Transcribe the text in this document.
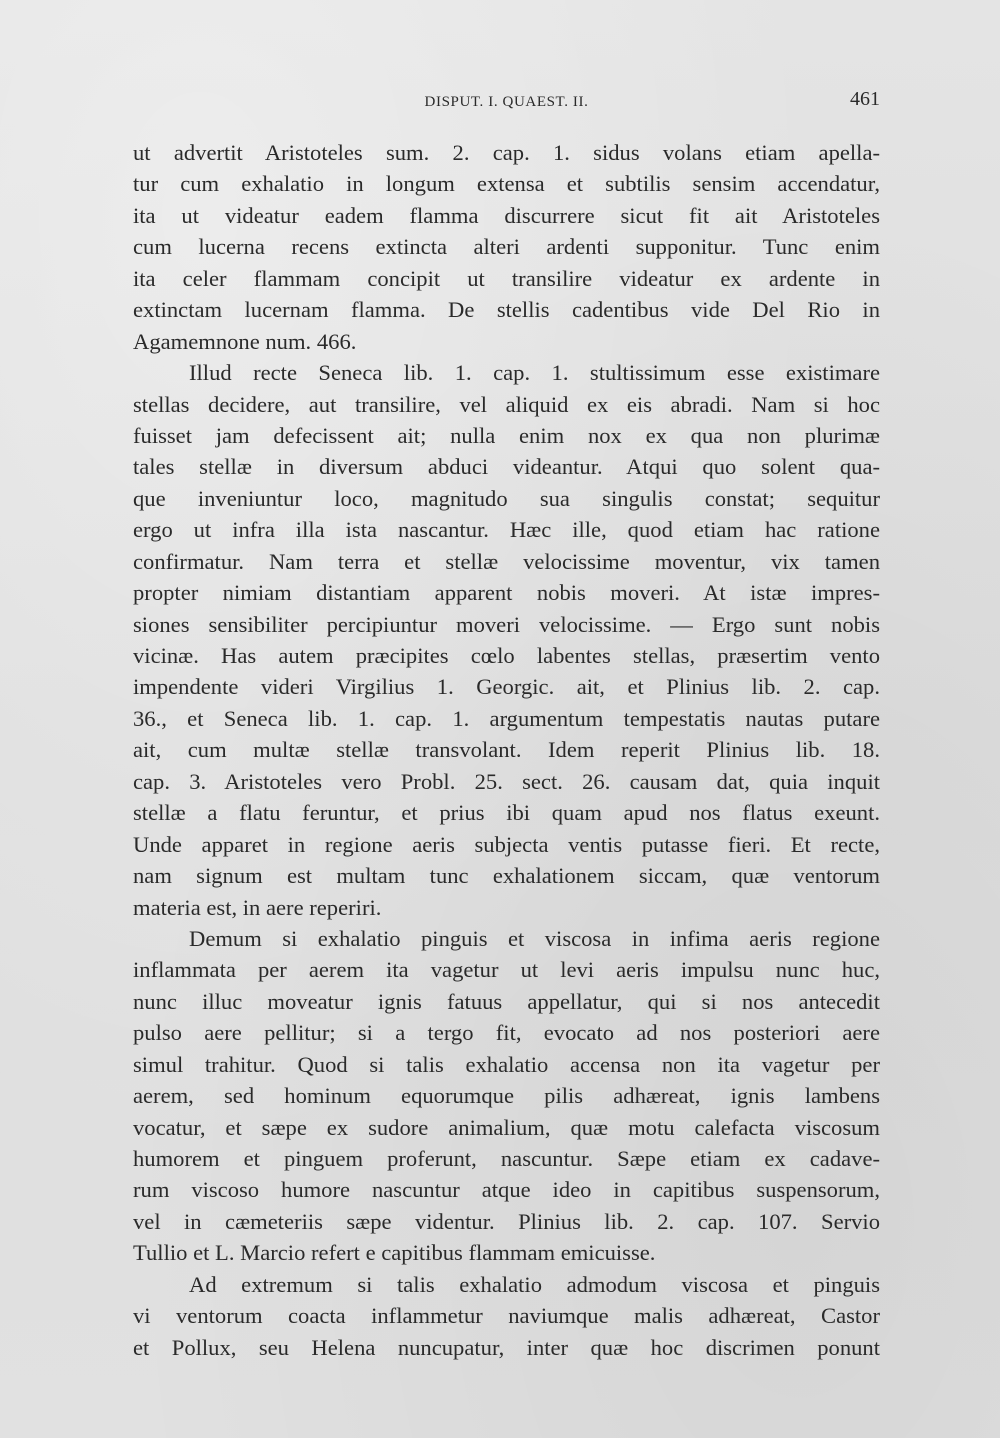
DISPUT. I. QUAEST. II.	461
ut advertit Aristoteles sum. 2. cap. 1. sidus volans etiam apella-
tur cum exhalatio in longum extensa et subtilis sensim accendatur,
ita ut videatur eadem flamma discurrere sicut fit ait Aristoteles
cum lucerna recens extincta alteri ardenti supponitur. Tunc enim
ita celer flammam concipit ut transilire videatur ex ardente in
extinctam lucernam flamma. De stellis cadentibus vide Del Rio in
Agamemnone num. 466.
Illud recte Seneca lib. 1. cap. 1. stultissimum esse existimare
stellas decidere, aut transilire, vel aliquid ex eis abradi. Nam si hoc
fuisset jam defecissent ait; nulla enim nox ex qua non plurimæ
tales stellæ in diversum abduci videantur. Atqui quo solent qua-
que inveniuntur loco, magnitudo sua singulis constat; sequitur
ergo ut infra illa ista nascantur. Hæc ille, quod etiam hac ratione
confirmatur. Nam terra et stellæ velocissime moventur, vix tamen
propter nimiam distantiam apparent nobis moveri. At istæ impres-
siones sensibiliter percipiuntur moveri velocissime. — Ergo sunt nobis
vicinæ. Has autem præcipites cœlo labentes stellas, præsertim vento
impendente videri Virgilius 1. Georgic. ait, et Plinius lib. 2. cap.
36., et Seneca lib. 1. cap. 1. argumentum tempestatis nautas putare
ait, cum multæ stellæ transvolant. Idem reperit Plinius lib. 18.
cap. 3. Aristoteles vero Probl. 25. sect. 26. causam dat, quia inquit
stellæ a flatu feruntur, et prius ibi quam apud nos flatus exeunt.
Unde apparet in regione aeris subjecta ventis putasse fieri. Et recte,
nam signum est multam tunc exhalationem siccam, quæ ventorum
materia est, in aere reperiri.
Demum si exhalatio pinguis et viscosa in infima aeris regione
inflammata per aerem ita vagetur ut levi aeris impulsu nunc huc,
nunc illuc moveatur ignis fatuus appellatur, qui si nos antecedit
pulso aere pellitur; si a tergo fit, evocato ad nos posteriori aere
simul trahitur. Quod si talis exhalatio accensa non ita vagetur per
aerem, sed hominum equorumque pilis adhæreat, ignis lambens
vocatur, et sæpe ex sudore animalium, quæ motu calefacta viscosum
humorem et pinguem proferunt, nascuntur. Sæpe etiam ex cadave-
rum viscoso humore nascuntur atque ideo in capitibus suspensorum,
vel in cæmeteriis sæpe videntur. Plinius lib. 2. cap. 107. Servio
Tullio et L. Marcio refert e capitibus flammam emicuisse.
Ad extremum si talis exhalatio admodum viscosa et pinguis
vi ventorum coacta inflammetur naviumque malis adhæreat, Castor
et Pollux, seu Helena nuncupatur, inter quæ hoc discrimen ponunt
